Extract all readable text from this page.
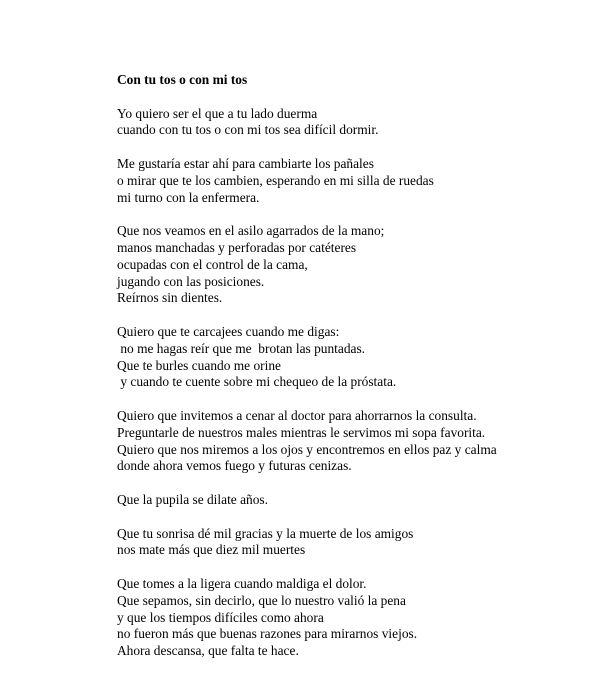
Con tu tos o con mi tos
Yo quiero ser el que a tu lado duerma
cuando con tu tos o con mi tos sea difícil dormir.
Me gustaría estar ahí para cambiarte los pañales
o mirar que te los cambien, esperando en mi silla de ruedas
mi turno con la enfermera.
Que nos veamos en el asilo agarrados de la mano;
manos manchadas y perforadas por catéteres
ocupadas con el control de la cama,
jugando con las posiciones.
Reírnos sin dientes.
Quiero que te carcajees cuando me digas:
no me hagas reír que me  brotan las puntadas.
Que te burles cuando me orine
y cuando te cuente sobre mi chequeo de la próstata.
Quiero que invitemos a cenar al doctor para ahorrarnos la consulta.
Preguntarle de nuestros males mientras le servimos mi sopa favorita.
Quiero que nos miremos a los ojos y encontremos en ellos paz y calma
donde ahora vemos fuego y futuras cenizas.
Que la pupila se dilate años.
Que tu sonrisa dé mil gracias y la muerte de los amigos
nos mate más que diez mil muertes
Que tomes a la ligera cuando maldiga el dolor.
Que sepamos, sin decirlo, que lo nuestro valió la pena
y que los tiempos difíciles como ahora
no fueron más que buenas razones para mirarnos viejos.
Ahora descansa, que falta te hace.
